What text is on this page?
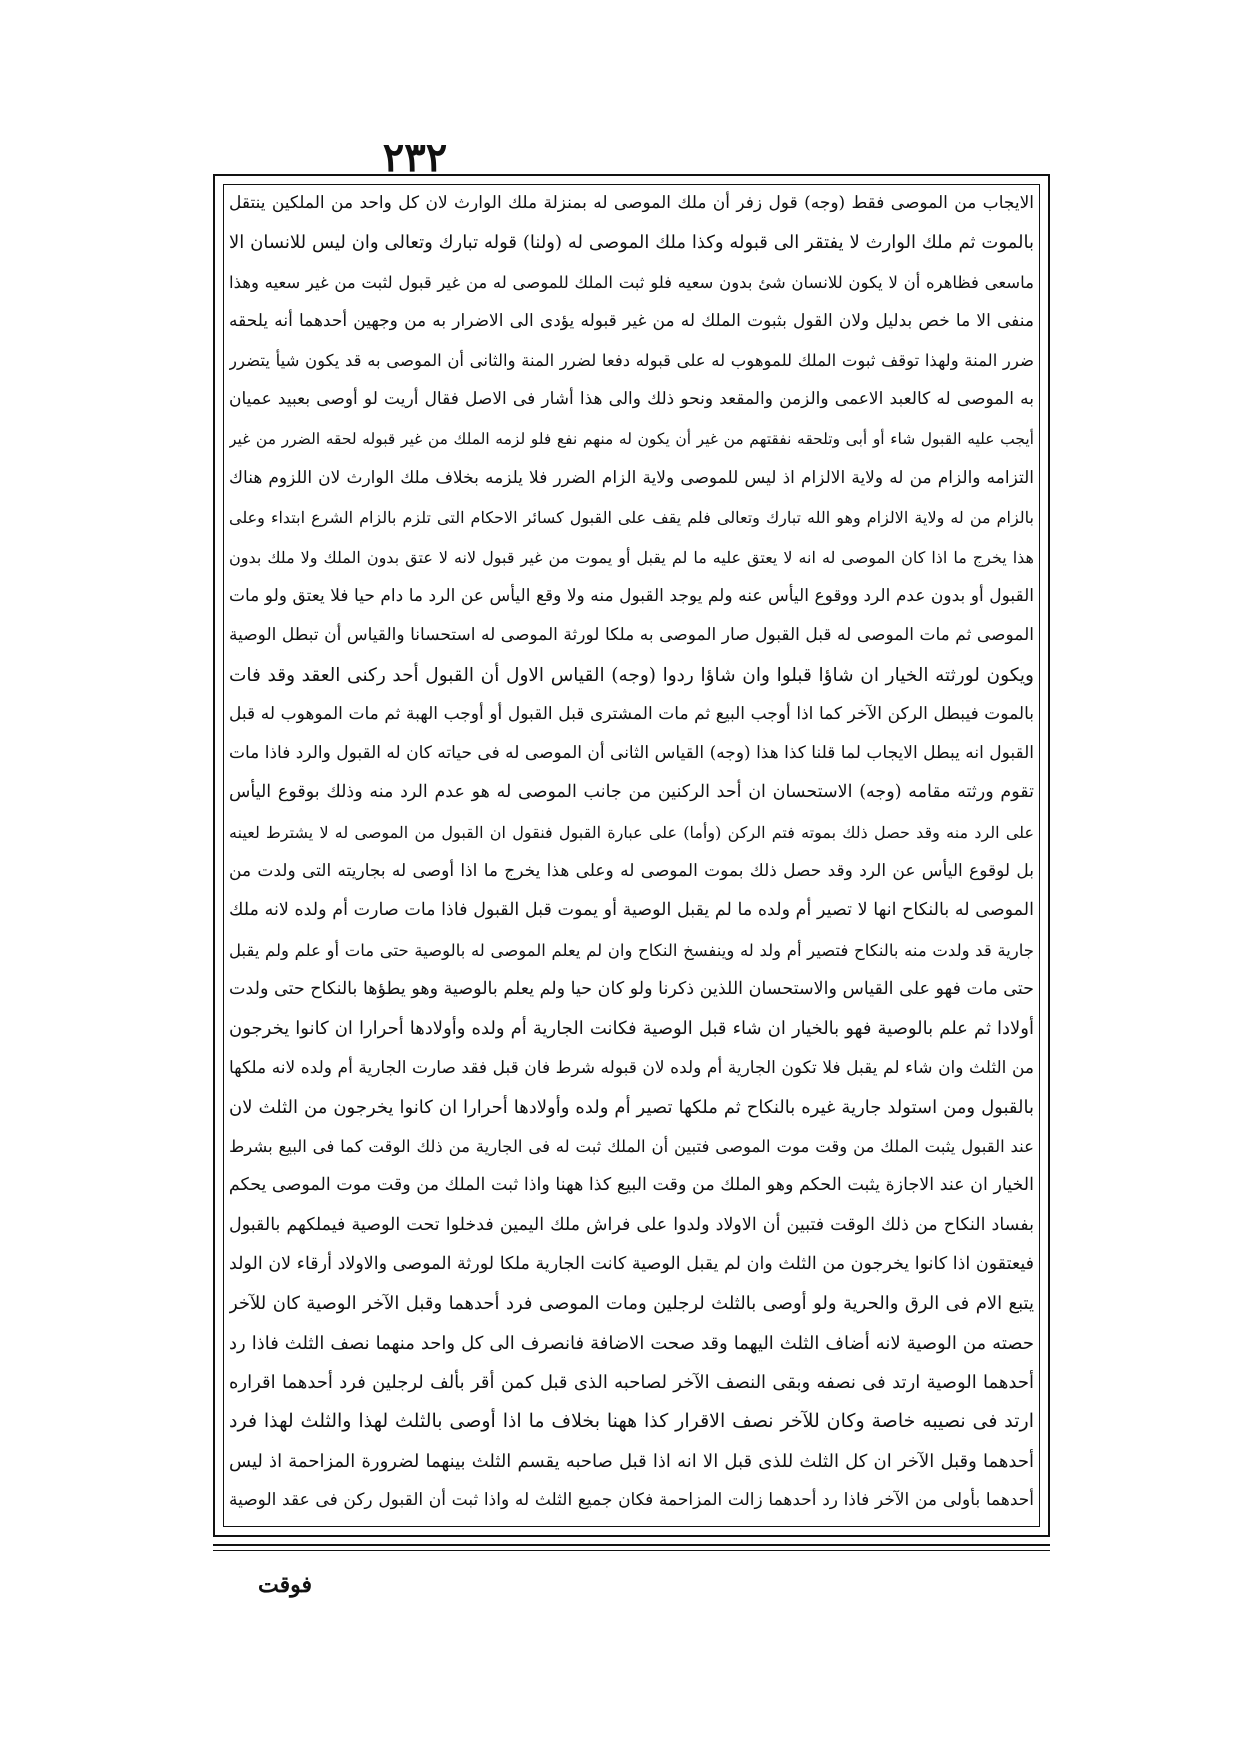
٢٣٢
الايجاب من الموصى فقط (وجه) قول زفر أن ملك الموصى له بمنزلة ملك الوارث لان كل واحد من الملكين ينتقل
بالموت ثم ملك الوارث لا يفتقر الى قبوله وكذا ملك الموصى له (ولنا) قوله تبارك وتعالى وان ليس للانسان الا
ماسعى فظاهره أن لا يكون للانسان شئ بدون سعيه فلو ثبت الملك للموصى له من غير قبول لثبت من غير سعيه وهذا
منفى الا ما خص بدليل ولان القول بثبوت الملك له من غير قبوله يؤدى الى الاضرار به من وجهين أحدهما أنه يلحقه
ضرر المنة ولهذا توقف ثبوت الملك للموهوب له على قبوله دفعا لضرر المنة والثانى أن الموصى به قد يكون شيأ يتضرر
به الموصى له كالعبد الاعمى والزمن والمقعد ونحو ذلك والى هذا أشار فى الاصل فقال أريت لو أوصى بعبيد عميان
أيجب عليه القبول شاء أو أبى وتلحقه نفقتهم من غير أن يكون له منهم نفع فلو لزمه الملك من غير قبوله لحقه الضرر من غير
التزامه والزام من له ولاية الالزام اذ ليس للموصى ولاية الزام الضرر فلا يلزمه بخلاف ملك الوارث لان اللزوم هناك
بالزام من له ولاية الالزام وهو الله تبارك وتعالى فلم يقف على القبول كسائر الاحكام التى تلزم بالزام الشرع ابتداء وعلى
هذا يخرج ما اذا كان الموصى له انه لا يعتق عليه ما لم يقبل أو يموت من غير قبول لانه لا عتق بدون الملك ولا ملك بدون
القبول أو بدون عدم الرد ووقوع اليأس عنه ولم يوجد القبول منه ولا وقع اليأس عن الرد ما دام حيا فلا يعتق ولو مات
الموصى ثم مات الموصى له قبل القبول صار الموصى به ملكا لورثة الموصى له استحسانا والقياس أن تبطل الوصية
ويكون لورثته الخيار ان شاؤا قبلوا وان شاؤا ردوا (وجه) القياس الاول أن القبول أحد ركنى العقد وقد فات
بالموت فيبطل الركن الآخر كما اذا أوجب البيع ثم مات المشترى قبل القبول أو أوجب الهبة ثم مات الموهوب له قبل
القبول انه يبطل الايجاب لما قلنا كذا هذا (وجه) القياس الثانى أن الموصى له فى حياته كان له القبول والرد فاذا مات
تقوم ورثته مقامه (وجه) الاستحسان ان أحد الركنين من جانب الموصى له هو عدم الرد منه وذلك بوقوع اليأس
على الرد منه وقد حصل ذلك بموته فتم الركن (وأما) على عبارة القبول فنقول ان القبول من الموصى له لا يشترط لعينه
بل لوقوع اليأس عن الرد وقد حصل ذلك بموت الموصى له وعلى هذا يخرج ما اذا أوصى له بجاريته التى ولدت من
الموصى له بالنكاح انها لا تصير أم ولده ما لم يقبل الوصية أو يموت قبل القبول فاذا مات صارت أم ولده لانه ملك
جارية قد ولدت منه بالنكاح فتصير أم ولد له وينفسخ النكاح وان لم يعلم الموصى له بالوصية حتى مات أو علم ولم يقبل
حتى مات فهو على القياس والاستحسان اللذين ذكرنا ولو كان حيا ولم يعلم بالوصية وهو يطؤها بالنكاح حتى ولدت
أولادا ثم علم بالوصية فهو بالخيار ان شاء قبل الوصية فكانت الجارية أم ولده وأولادها أحرارا ان كانوا يخرجون
من الثلث وان شاء لم يقبل فلا تكون الجارية أم ولده لان قبوله شرط فان قبل فقد صارت الجارية أم ولده لانه ملكها
بالقبول ومن استولد جارية غيره بالنكاح ثم ملكها تصير أم ولده وأولادها أحرارا ان كانوا يخرجون من الثلث لان
عند القبول يثبت الملك من وقت موت الموصى فتبين أن الملك ثبت له فى الجارية من ذلك الوقت كما فى البيع بشرط
الخيار ان عند الاجازة يثبت الحكم وهو الملك من وقت البيع كذا ههنا واذا ثبت الملك من وقت موت الموصى يحكم
بفساد النكاح من ذلك الوقت فتبين أن الاولاد ولدوا على فراش ملك اليمين فدخلوا تحت الوصية فيملكهم بالقبول
فيعتقون اذا كانوا يخرجون من الثلث وان لم يقبل الوصية كانت الجارية ملكا لورثة الموصى والاولاد أرقاء لان الولد
يتبع الام فى الرق والحرية ولو أوصى بالثلث لرجلين ومات الموصى فرد أحدهما وقبل الآخر الوصية كان للآخر
حصته من الوصية لانه أضاف الثلث اليهما وقد صحت الاضافة فانصرف الى كل واحد منهما نصف الثلث فاذا رد
أحدهما الوصية ارتد فى نصفه وبقى النصف الآخر لصاحبه الذى قبل كمن أقر بألف لرجلين فرد أحدهما اقراره
ارتد فى نصيبه خاصة وكان للآخر نصف الاقرار كذا ههنا بخلاف ما اذا أوصى بالثلث لهذا والثلث لهذا فرد
أحدهما وقبل الآخر ان كل الثلث للذى قبل الا انه اذا قبل صاحبه يقسم الثلث بينهما لضرورة المزاحمة اذ ليس
أحدهما بأولى من الآخر فاذا رد أحدهما زالت المزاحمة فكان جميع الثلث له واذا ثبت أن القبول ركن فى عقد الوصية
فوقت
